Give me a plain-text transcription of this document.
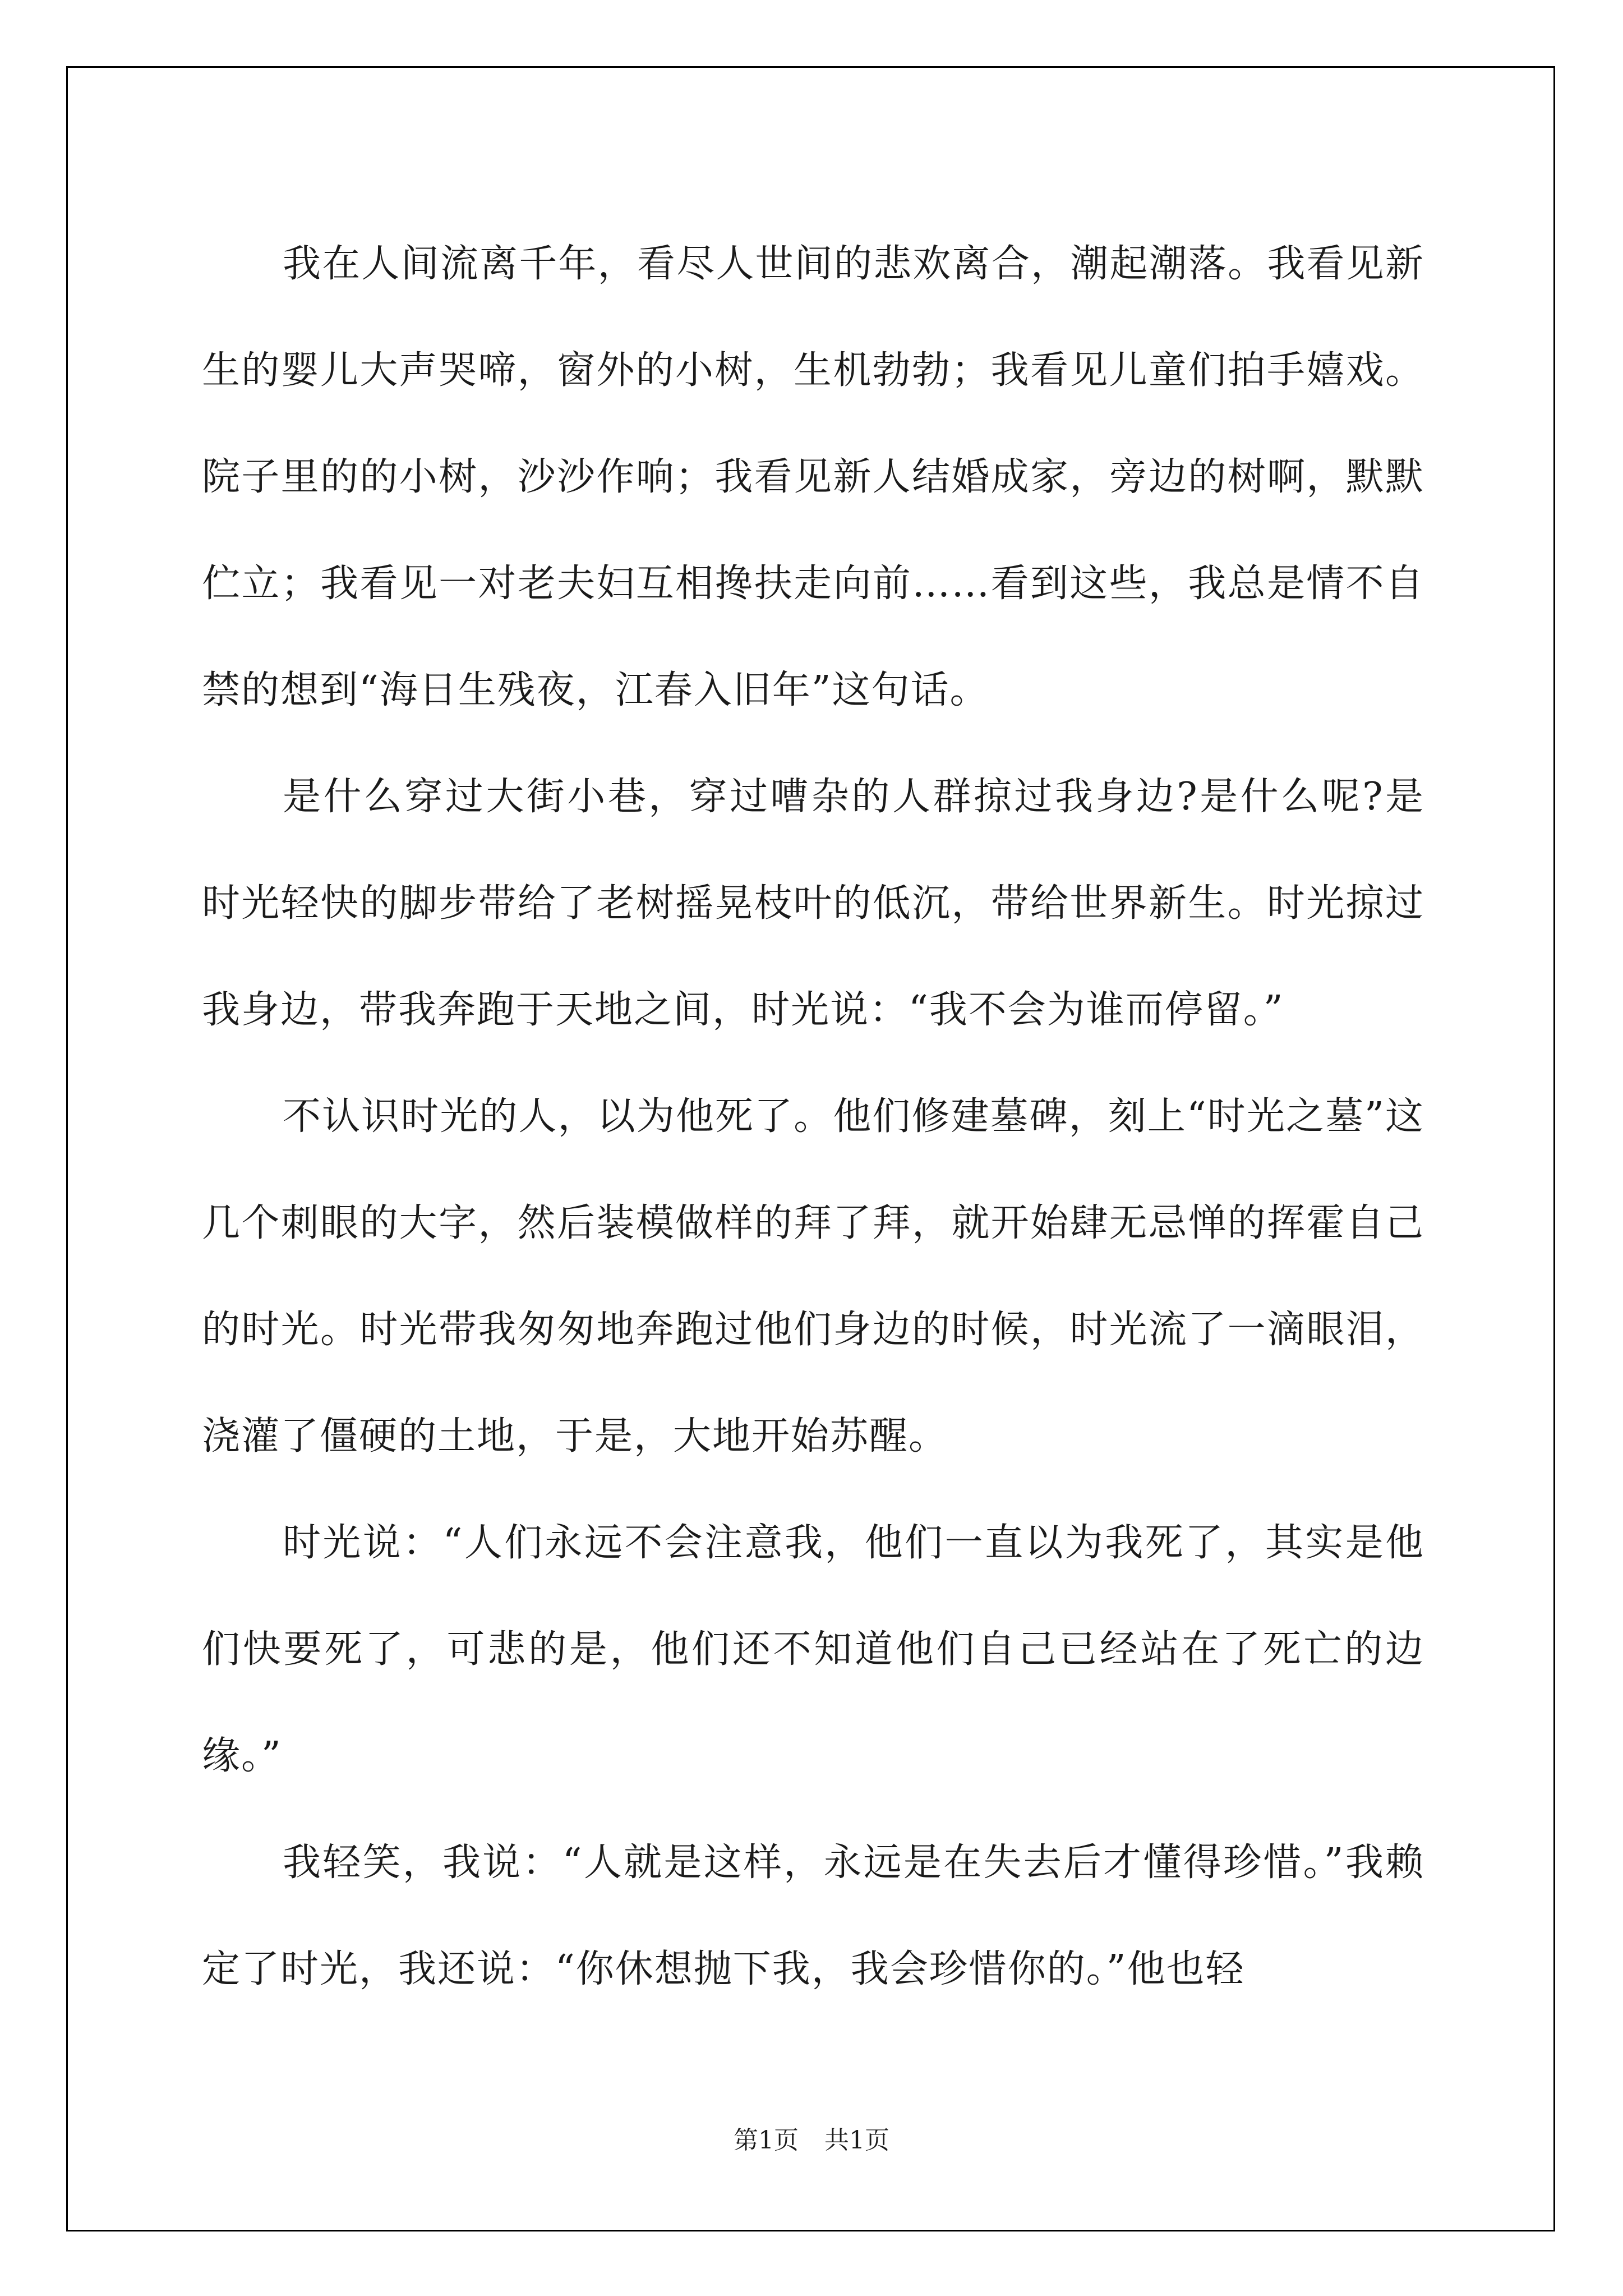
我在人间流离千年，看尽人世间的悲欢离合，潮起潮落。我看见新生的婴儿大声哭啼，窗外的小树，生机勃勃；我看见儿童们拍手嬉戏。院子里的的小树，沙沙作响；我看见新人结婚成家，旁边的树啊，默默伫立；我看见一对老夫妇互相搀扶走向前……看到这些，我总是情不自禁的想到“海日生残夜，江春入旧年”这句话。

是什么穿过大街小巷，穿过嘈杂的人群掠过我身边?是什么呢?是时光轻快的脚步带给了老树摇晃枝叶的低沉，带给世界新生。时光掠过我身边，带我奔跑于天地之间，时光说：“我不会为谁而停留。”

不认识时光的人，以为他死了。他们修建墓碑，刻上“时光之墓”这几个刺眼的大字，然后装模做样的拜了拜，就开始肆无忌惮的挥霍自己的时光。时光带我匆匆地奔跑过他们身边的时候，时光流了一滴眼泪，浇灌了僵硬的土地，于是，大地开始苏醒。

时光说：“人们永远不会注意我，他们一直以为我死了，其实是他们快要死了，可悲的是，他们还不知道他们自己已经站在了死亡的边缘。”

我轻笑，我说：“人就是这样，永远是在失去后才懂得珍惜。”我赖定了时光，我还说：“你休想抛下我，我会珍惜你的。”他也轻

第1页 共1页
